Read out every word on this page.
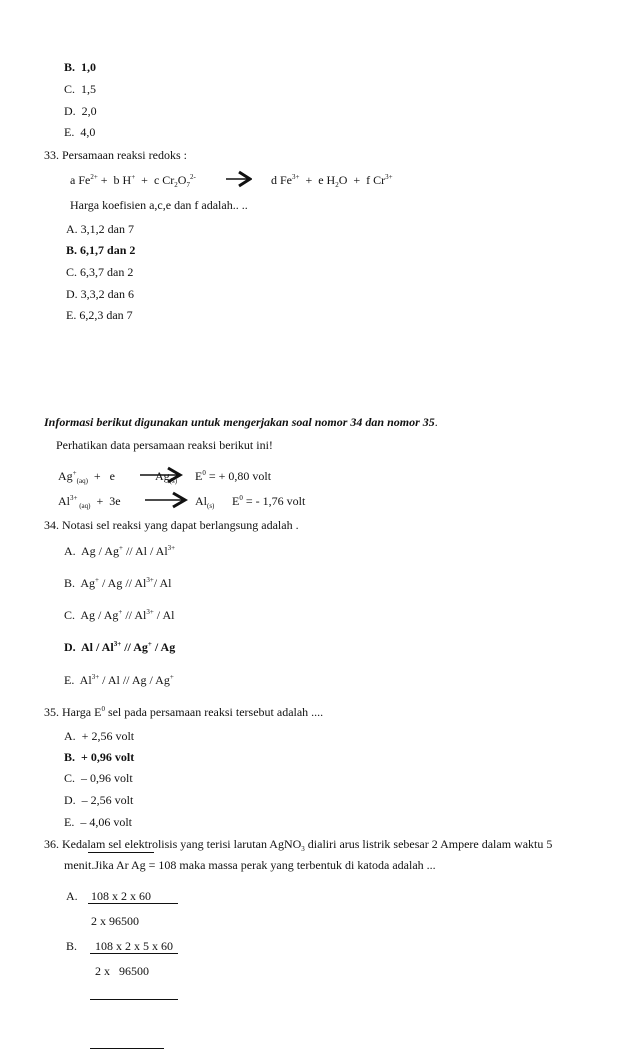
B. 1,0
C. 1,5
D. 2,0
E. 4,0
33. Persamaan reaksi redoks :
a $Fe^{2+} + b$ H+  +  c $Cr_2O_7^{2-}$	d $Fe^{3+} + e$ $H_2O + f$ $Cr^{3+}$
Harga koefisien a,c,e dan f adalah.. ..
A. 3,1,2 dan 7
B. 6,1,7 dan 2
C. 6,3,7 dan 2
D. 3,3,2 dan 6
E. 6,2,3 dan 7
Informasi berikut digunakan untuk mengerjakan soal nomor 34 dan nomor 35.
Perhatikan data persamaan reaksi berikut ini!
$Ag^+_{(aq)} + e$	$Ag_{(s)} \to E^0$ = + 0,80 volt
$Al^{3+}$ $_{(aq)} + 3e \to Al_{(s)}$ $E^0$ = - 1,76 volt
34. Notasi sel reaksi yang dapat berlangsung adalah .
A.  Ag / Ag+ // Al / $Al^{3+}$
B.  Ag+ / Ag // $Al^{3+}/$ Al
C.  Ag / $Ag^+ // Al^{3+}$ / Al
D.  Al / $Al^{3+} // Ag^+$ / Ag
E.  $Al^{3+}$ / Al // Ag / Ag+
35. Harga $E^0$ sel pada persamaan reaksi tersebut adalah ....
A. + 2,56 volt
B. + 0,96 volt
C. – 0,96 volt
D. – 2,56 volt
E. – 4,06 volt
36. Kedalam sel elektrolisis yang terisi larutan AgNO$_3$ dialiri arus listrik sebesar 2 Ampere dalam waktu 5
menit.Jika Ar Ag = 108 maka massa perak yang terbentuk di katoda adalah ...
A. 108 x 2 x 60
2 x 96500
B. 108 x 2 x 5 x 60
2 x   96500
